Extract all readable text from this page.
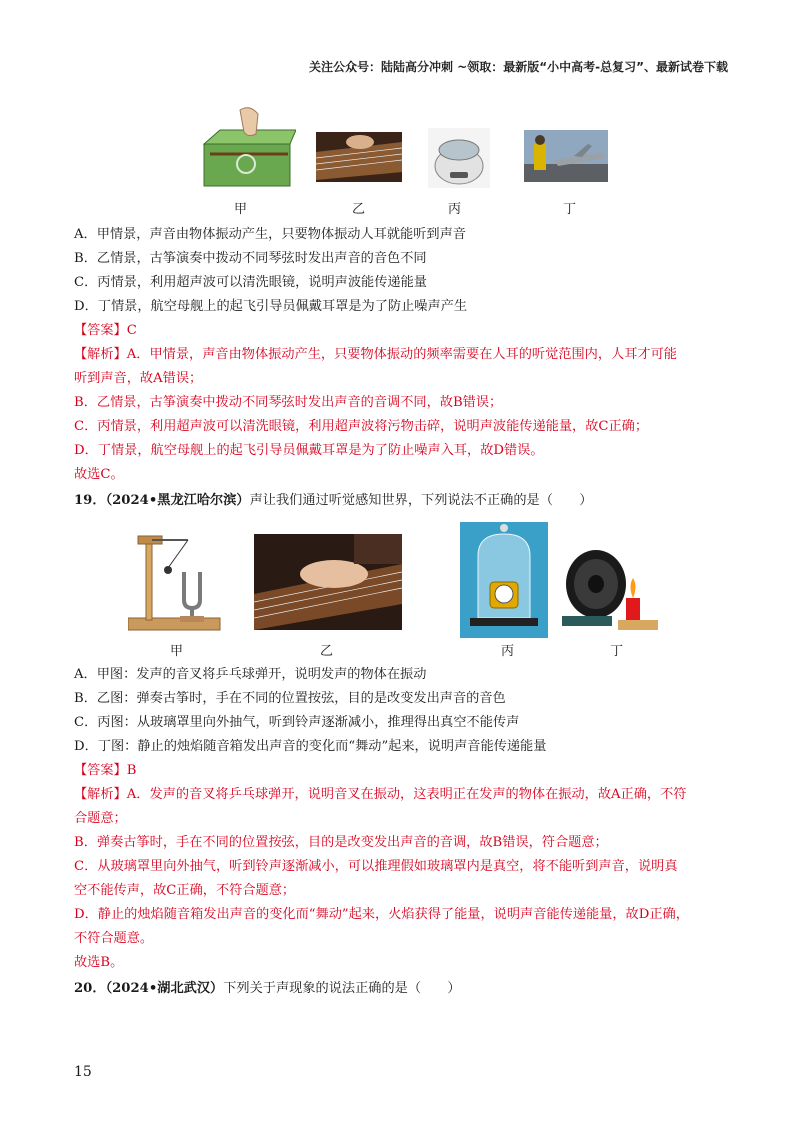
关注公众号：陆陆高分冲刺 ~领取：最新版“小中高考-总复习”、最新试卷下载
甲	乙	丙	丁
A．甲情景，声音由物体振动产生，只要物体振动人耳就能听到声音
B．乙情景，古筝演奏中拨动不同琴弦时发出声音的音色不同
C．丙情景，利用超声波可以清洗眼镜，说明声波能传递能量
D．丁情景，航空母舰上的起飞引导员佩戴耳罩是为了防止噪声产生
【答案】C
【解析】A．甲情景，声音由物体振动产生，只要物体振动的频率需要在人耳的听觉范围内，人耳才可能
听到声音，故A错误；
B．乙情景，古筝演奏中拨动不同琴弦时发出声音的音调不同，故B错误；
C．丙情景，利用超声波可以清洗眼镜，利用超声波将污物击碎，说明声波能传递能量，故C正确；
D．丁情景，航空母舰上的起飞引导员佩戴耳罩是为了防止噪声入耳，故D错误。
故选C。
19．（2024•黑龙江哈尔滨）声让我们通过听觉感知世界，下列说法不正确的是（　　）
甲	乙	丙	丁
A．甲图：发声的音叉将乒乓球弹开，说明发声的物体在振动
B．乙图：弹奏古筝时，手在不同的位置按弦，目的是改变发出声音的音色
C．丙图：从玻璃罩里向外抽气，听到铃声逐渐减小，推理得出真空不能传声
D．丁图：静止的烛焰随音箱发出声音的变化而“舞动”起来，说明声音能传递能量
【答案】B
【解析】A．发声的音叉将乒乓球弹开，说明音叉在振动，这表明正在发声的物体在振动，故A正确，不符
合题意；
B．弹奏古筝时，手在不同的位置按弦，目的是改变发出声音的音调，故B错误，符合题意；
C．从玻璃罩里向外抽气，听到铃声逐渐减小，可以推理假如玻璃罩内是真空，将不能听到声音，说明真
空不能传声，故C正确，不符合题意；
D．静止的烛焰随音箱发出声音的变化而“舞动”起来，火焰获得了能量，说明声音能传递能量，故D正确，
不符合题意。
故选B。
20．（2024•湖北武汉）下列关于声现象的说法正确的是（　　）
15
